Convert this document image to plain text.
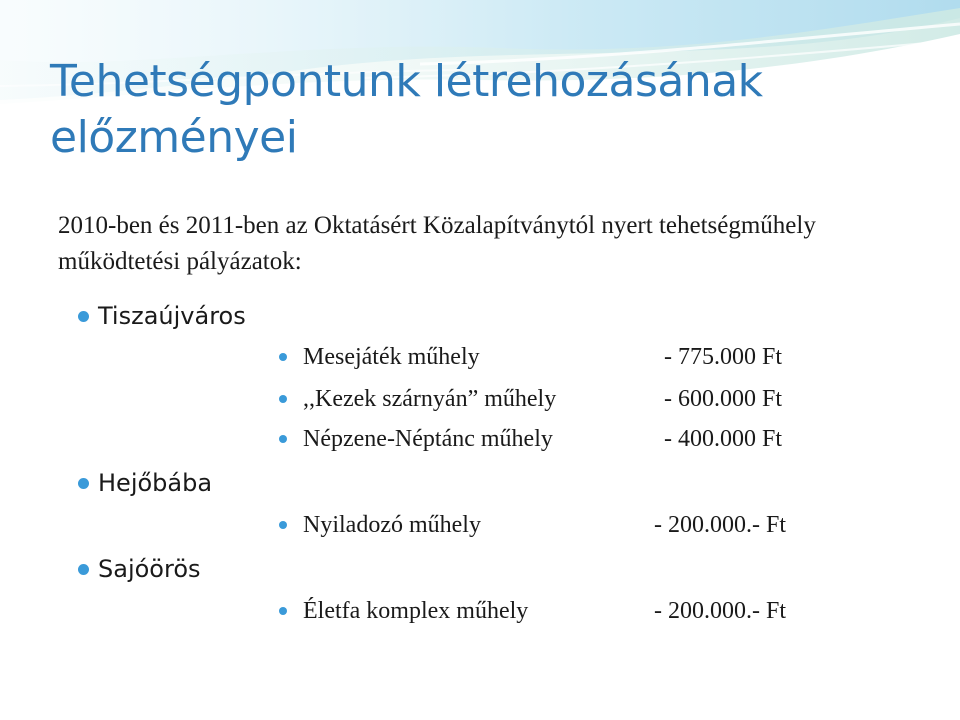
Tehetségpontunk létrehozásának előzményei
2010-ben és 2011-ben az Oktatásért Közalapítványtól nyert tehetségműhely működtetési pályázatok:
Tiszaújváros
Mesejáték műhely	- 775.000 Ft
,,Kezek szárnyán” műhely	- 600.000 Ft
Népzene-Néptánc műhely	- 400.000 Ft
Hejőbába
Nyiladozó műhely	- 200.000.- Ft
Sajóörös
Életfa komplex műhely	- 200.000.- Ft
